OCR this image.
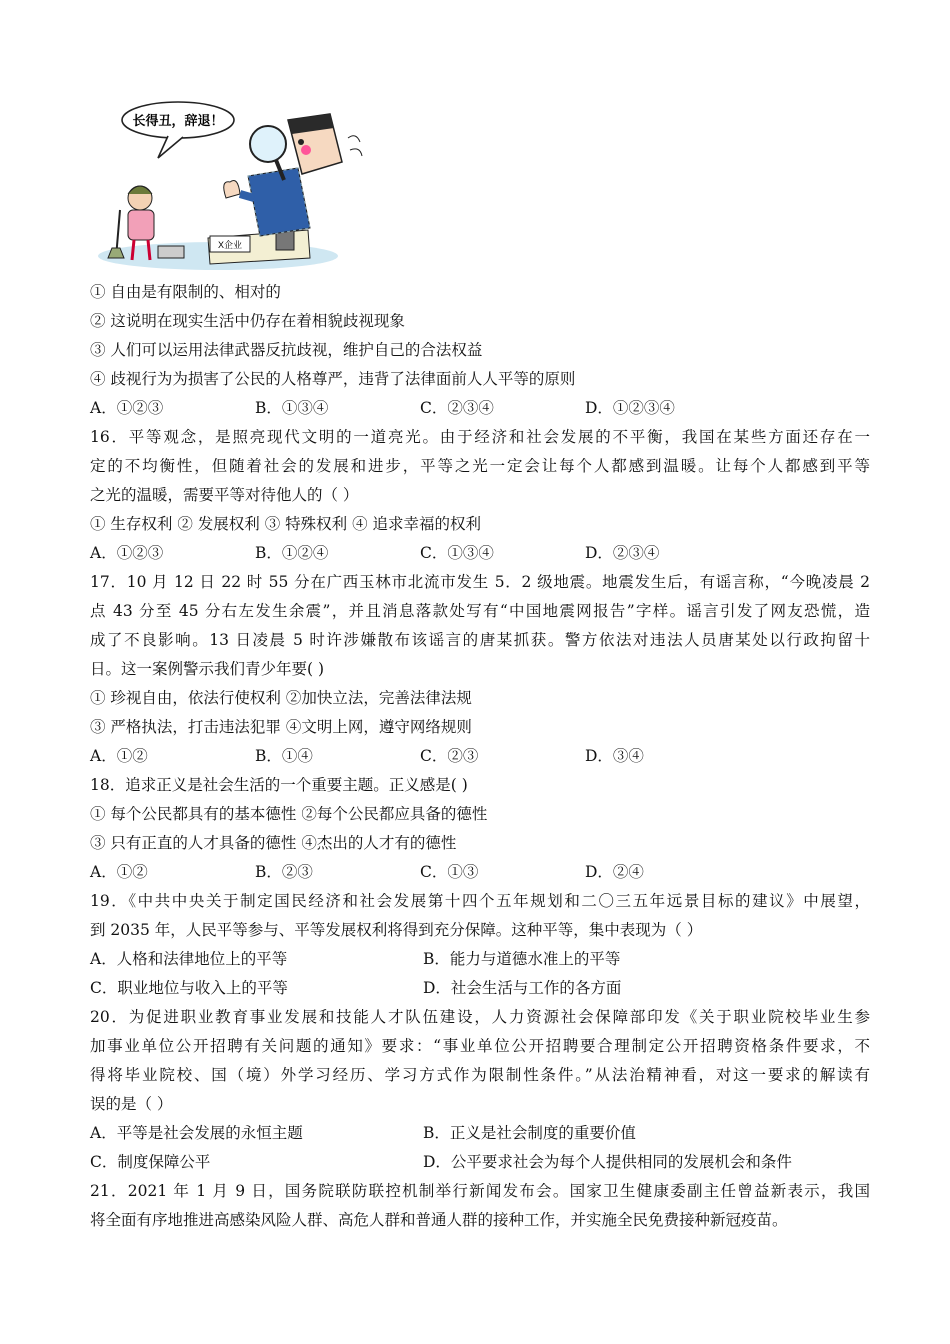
长得丑，辞退！
X企业
① 自由是有限制的、相对的
② 这说明在现实生活中仍存在着相貌歧视现象
③ 人们可以运用法律武器反抗歧视，维护自己的合法权益
④ 歧视行为为损害了公民的人格尊严，违背了法律面前人人平等的原则
A．①②③	B．①③④	C．②③④	D．①②③④
16．平等观念，是照亮现代文明的一道亮光。由于经济和社会发展的不平衡，我国在某些方面还存在一
定的不均衡性，但随着社会的发展和进步，平等之光一定会让每个人都感到温暖。让每个人都感到平等
之光的温暖，需要平等对待他人的（ ）
① 生存权利 ② 发展权利 ③ 特殊权利 ④ 追求幸福的权利
A．①②③	B．①②④	C．①③④	D．②③④
17．10 月 12 日 22 时 55 分在广西玉林市北流市发生 5．2 级地震。地震发生后，有谣言称，“今晚凌晨 2
点 43 分至 45 分右左发生余震”，并且消息落款处写有“中国地震网报告”字样。谣言引发了网友恐慌，造
成了不良影响。13 日凌晨 5 时许涉嫌散布该谣言的唐某抓获。警方依法对违法人员唐某处以行政拘留十
日。这一案例警示我们青少年要( )
① 珍视自由，依法行使权利 ②加快立法，完善法律法规
③ 严格执法，打击违法犯罪 ④文明上网，遵守网络规则
A．①②	B．①④	C．②③	D．③④
18．追求正义是社会生活的一个重要主题。正义感是( )
① 每个公民都具有的基本德性 ②每个公民都应具备的德性
③ 只有正直的人才具备的德性 ④杰出的人才有的德性
A．①②	B．②③	C．①③	D．②④
19．《中共中央关于制定国民经济和社会发展第十四个五年规划和二〇三五年远景目标的建议》中展望，
到 2035 年，人民平等参与、平等发展权利将得到充分保障。这种平等，集中表现为（ ）
A．人格和法律地位上的平等	B．能力与道德水准上的平等
C．职业地位与收入上的平等	D．社会生活与工作的各方面
20．为促进职业教育事业发展和技能人才队伍建设，人力资源社会保障部印发《关于职业院校毕业生参
加事业单位公开招聘有关问题的通知》要求：“事业单位公开招聘要合理制定公开招聘资格条件要求，不
得将毕业院校、国（境）外学习经历、学习方式作为限制性条件。”从法治精神看，对这一要求的解读有
误的是（ ）
A．平等是社会发展的永恒主题	B．正义是社会制度的重要价值
C．制度保障公平	D．公平要求社会为每个人提供相同的发展机会和条件
21．2021 年 1 月 9 日，国务院联防联控机制举行新闻发布会。国家卫生健康委副主任曾益新表示，我国
将全面有序地推进高感染风险人群、高危人群和普通人群的接种工作，并实施全民免费接种新冠疫苗。
